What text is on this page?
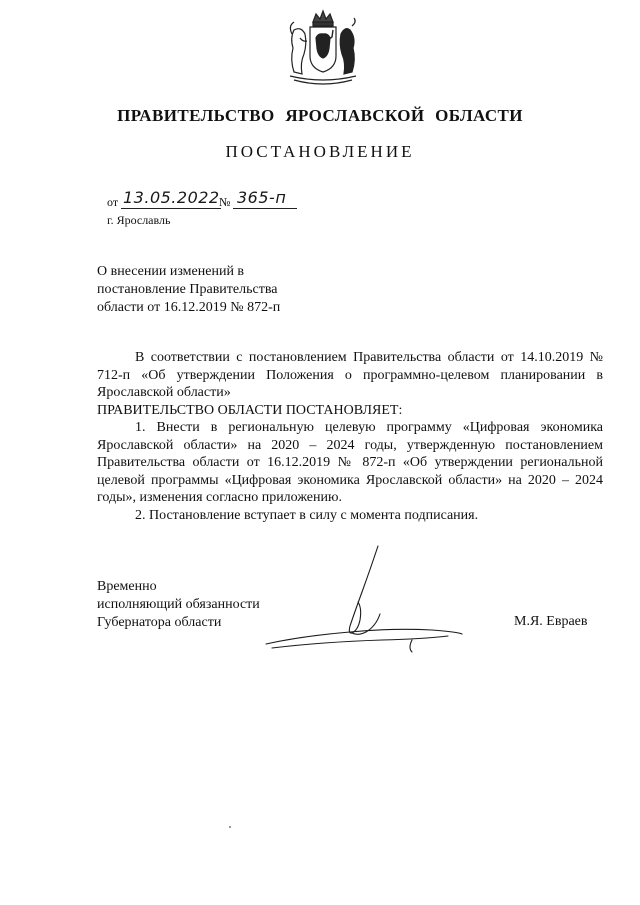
ПРАВИТЕЛЬСТВО ЯРОСЛАВСКОЙ ОБЛАСТИ
ПОСТАНОВЛЕНИЕ
от 13.05.2022 № 365-п
г. Ярославль
О внесении изменений в
постановление Правительства
области от 16.12.2019 № 872-п

В соответствии с постановлением Правительства области от 14.10.2019 № 712-п «Об утверждении Положения о программно-целевом планировании в Ярославской области»

ПРАВИТЕЛЬСТВО ОБЛАСТИ ПОСТАНОВЛЯЕТ:

1. Внести в региональную целевую программу «Цифровая экономика Ярославской области» на 2020 – 2024 годы, утвержденную постановлением Правительства области от 16.12.2019 № 872-п «Об утверждении региональной целевой программы «Цифровая экономика Ярославской области» на 2020 – 2024 годы», изменения согласно приложению.

2. Постановление вступает в силу с момента подписания.

Временно
исполняющий обязанности
Губернатора области	М.Я. Евраев
